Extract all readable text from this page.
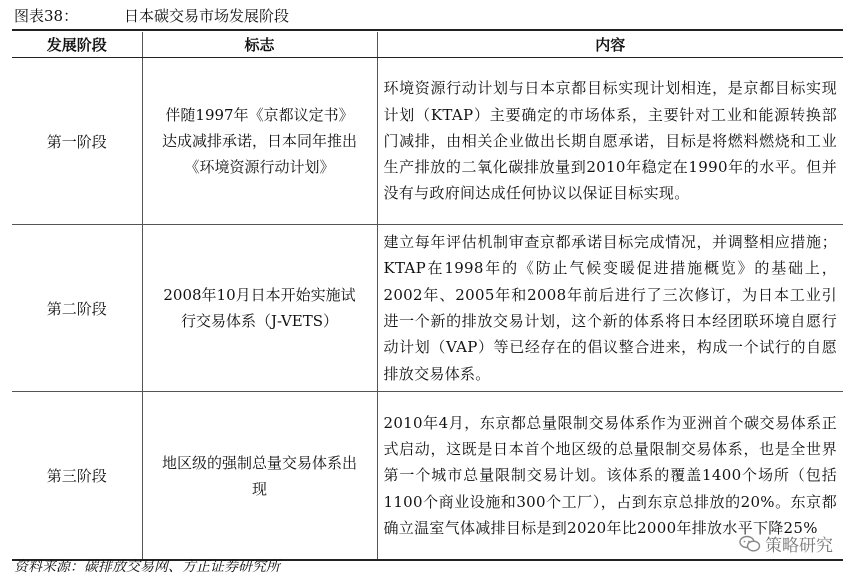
图表38：	日本碳交易市场发展阶段
发展阶段	标志	内容
第一阶段	伴随1997年《京都议定书》达成减排承诺，日本同年推出《环境资源行动计划》	环境资源行动计划与日本京都目标实现计划相连，是京都目标实现计划（KTAP）主要确定的市场体系，主要针对工业和能源转换部门减排，由相关企业做出长期自愿承诺，目标是将燃料燃烧和工业生产排放的二氧化碳排放量到2010年稳定在1990年的水平。但并没有与政府间达成任何协议以保证目标实现。
第二阶段	2008年10月日本开始实施试行交易体系（J-VETS）	建立每年评估机制审查京都承诺目标完成情况，并调整相应措施；KTAP在1998年的《防止气候变暖促进措施概览》的基础上，2002年、2005年和2008年前后进行了三次修订，为日本工业引进一个新的排放交易计划，这个新的体系将日本经团联环境自愿行动计划（VAP）等已经存在的倡议整合进来，构成一个试行的自愿排放交易体系。
第三阶段	地区级的强制总量交易体系出现	2010年4月，东京都总量限制交易体系作为亚洲首个碳交易体系正式启动，这既是日本首个地区级的总量限制交易体系，也是全世界第一个城市总量限制交易计划。该体系的覆盖1400个场所（包括1100个商业设施和300个工厂），占到东京总排放的20%。东京都确立温室气体减排目标是到2020年比2000年排放水平下降25%
策略研究
资料来源：碳排放交易网、方正证券研究所
